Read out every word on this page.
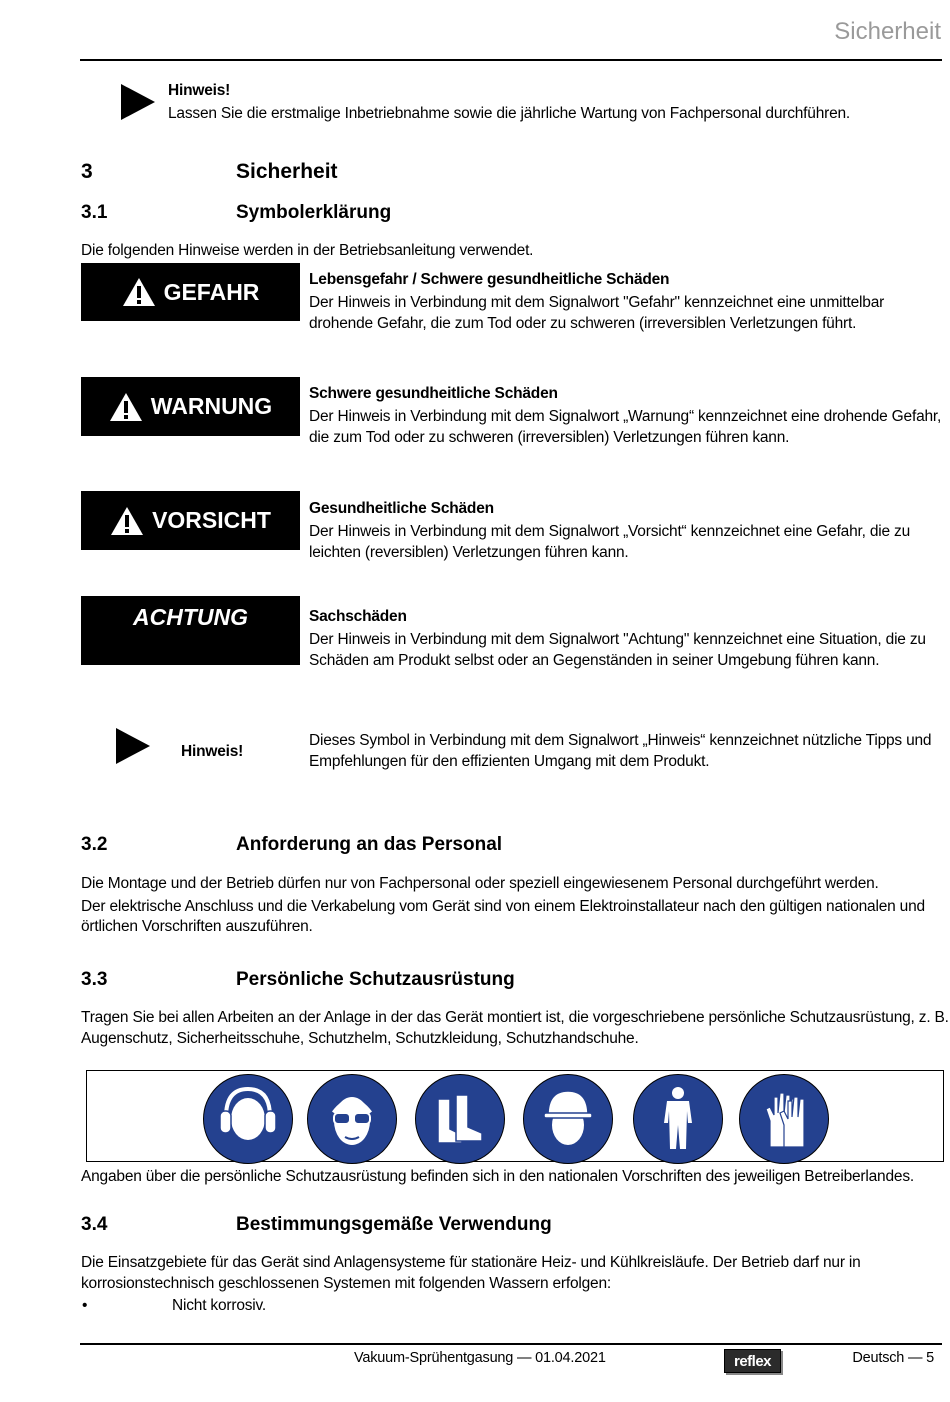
Sicherheit
Hinweis!
Lassen Sie die erstmalige Inbetriebnahme sowie die jährliche Wartung von Fachpersonal durchführen.
3	Sicherheit
3.1	Symbolerklärung
Die folgenden Hinweise werden in der Betriebsanleitung verwendet.
GEFAHR	Lebensgefahr / Schwere gesundheitliche Schäden
Der Hinweis in Verbindung mit dem Signalwort "Gefahr" kennzeichnet eine unmittelbar
drohende Gefahr, die zum Tod oder zu schweren (irreversiblen Verletzungen führt.
WARNUNG Schwere gesundheitliche Schäden
Der Hinweis in Verbindung mit dem Signalwort „Warnung“ kennzeichnet eine drohende Gefahr,
die zum Tod oder zu schweren (irreversiblen) Verletzungen führen kann.
VORSICHT Gesundheitliche Schäden
Der Hinweis in Verbindung mit dem Signalwort „Vorsicht“ kennzeichnet eine Gefahr, die zu
leichten (reversiblen) Verletzungen führen kann.
ACHTUNG	Sachschäden
Der Hinweis in Verbindung mit dem Signalwort "Achtung" kennzeichnet eine Situation, die zu
Schäden am Produkt selbst oder an Gegenständen in seiner Umgebung führen kann.
Hinweis!
Dieses Symbol in Verbindung mit dem Signalwort „Hinweis“ kennzeichnet nützliche Tipps und
Empfehlungen für den effizienten Umgang mit dem Produkt.
3.2	Anforderung an das Personal
Die Montage und der Betrieb dürfen nur von Fachpersonal oder speziell eingewiesenem Personal durchgeführt werden.
Der elektrische Anschluss und die Verkabelung vom Gerät sind von einem Elektroinstallateur nach den gültigen nationalen und
örtlichen Vorschriften auszuführen.
3.3	Persönliche Schutzausrüstung
Tragen Sie bei allen Arbeiten an der Anlage in der das Gerät montiert ist, die vorgeschriebene persönliche Schutzausrüstung, z. B.
Augenschutz, Sicherheitsschuhe, Schutzhelm, Schutzkleidung, Schutzhandschuhe.
Angaben über die persönliche Schutzausrüstung befinden sich in den nationalen Vorschriften des jeweiligen Betreiberlandes.
3.4	Bestimmungsgemäße Verwendung
Die Einsatzgebiete für das Gerät sind Anlagensysteme für stationäre Heiz- und Kühlkreisläufe. Der Betrieb darf nur in
korrosionstechnisch geschlossenen Systemen mit folgenden Wassern erfolgen:
•	Nicht korrosiv.
Vakuum-Sprühentgasung — 01.04.2021	reflex	Deutsch — 5
